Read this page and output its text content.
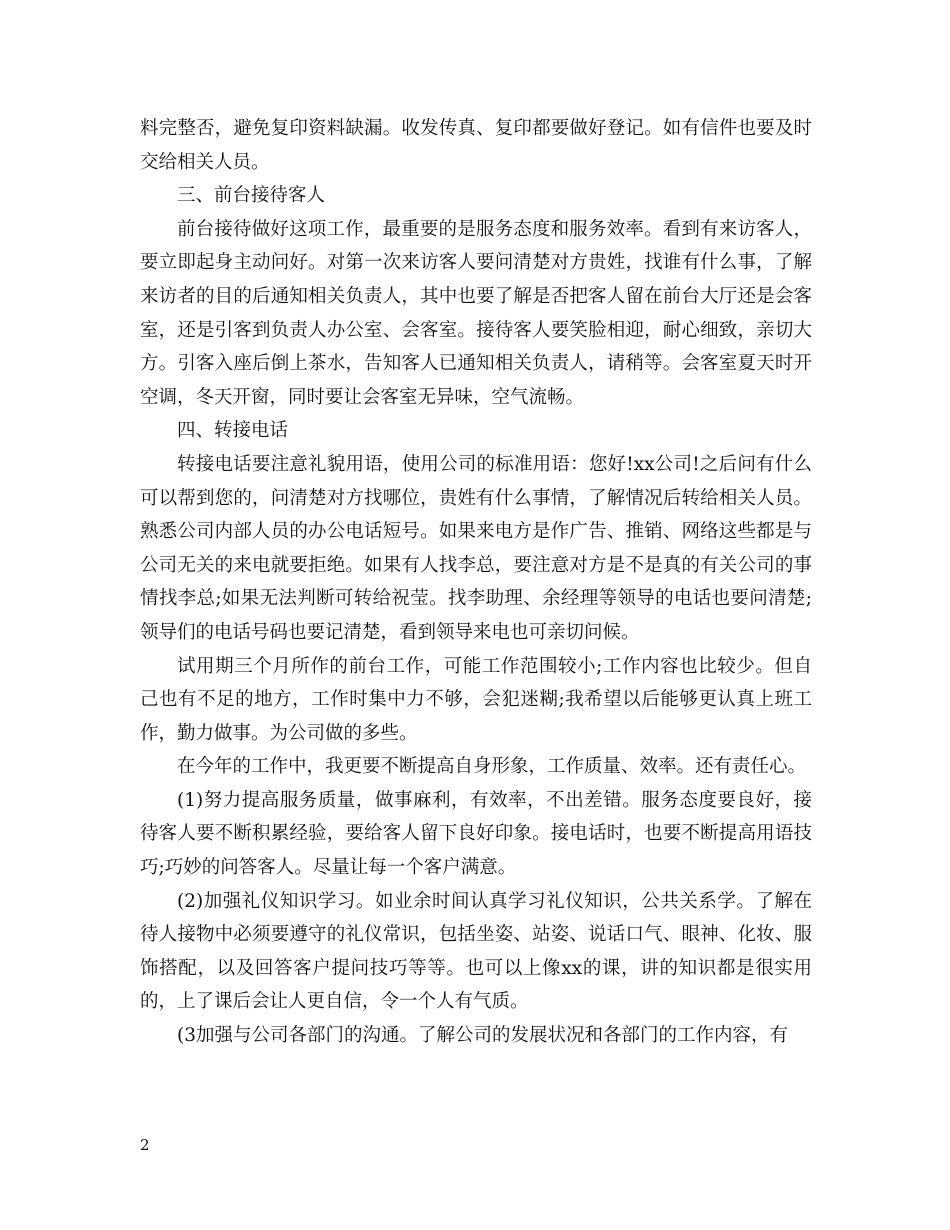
料完整否，避免复印资料缺漏。收发传真、复印都要做好登记。如有信件也要及时交给相关人员。

三、前台接待客人

前台接待做好这项工作，最重要的是服务态度和服务效率。看到有来访客人，要立即起身主动问好。对第一次来访客人要问清楚对方贵姓，找谁有什么事，了解来访者的目的后通知相关负责人，其中也要了解是否把客人留在前台大厅还是会客室，还是引客到负责人办公室、会客室。接待客人要笑脸相迎，耐心细致，亲切大方。引客入座后倒上茶水，告知客人已通知相关负责人，请稍等。会客室夏天时开空调，冬天开窗，同时要让会客室无异味，空气流畅。

四、转接电话

转接电话要注意礼貌用语，使用公司的标准用语：您好!xx公司!之后问有什么可以帮到您的，问清楚对方找哪位，贵姓有什么事情，了解情况后转给相关人员。熟悉公司内部人员的办公电话短号。如果来电方是作广告、推销、网络这些都是与公司无关的来电就要拒绝。如果有人找李总，要注意对方是不是真的有关公司的事情找李总;如果无法判断可转给祝莹。找李助理、余经理等领导的电话也要问清楚;领导们的电话号码也要记清楚，看到领导来电也可亲切问候。

试用期三个月所作的前台工作，可能工作范围较小;工作内容也比较少。但自己也有不足的地方，工作时集中力不够，会犯迷糊;我希望以后能够更认真上班工作，勤力做事。为公司做的多些。

在今年的工作中，我更要不断提高自身形象，工作质量、效率。还有责任心。

(1)努力提高服务质量，做事麻利，有效率，不出差错。服务态度要良好，接待客人要不断积累经验，要给客人留下良好印象。接电话时，也要不断提高用语技巧;巧妙的问答客人。尽量让每一个客户满意。

(2)加强礼仪知识学习。如业余时间认真学习礼仪知识，公共关系学。了解在待人接物中必须要遵守的礼仪常识，包括坐姿、站姿、说话口气、眼神、化妆、服饰搭配，以及回答客户提问技巧等等。也可以上像xx的课，讲的知识都是很实用的，上了课后会让人更自信，令一个人有气质。

(3加强与公司各部门的沟通。了解公司的发展状况和各部门的工作内容，有

2
